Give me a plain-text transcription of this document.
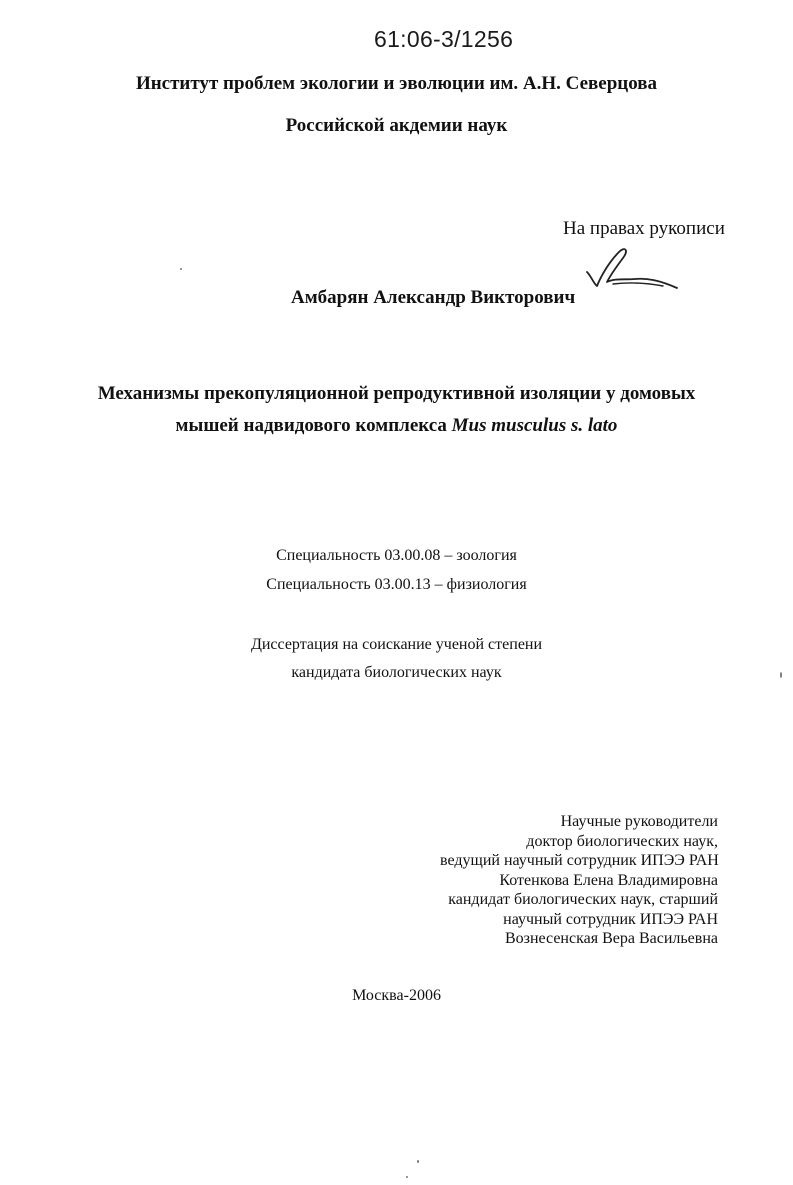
61:06-3/1256
Институт проблем экологии и эволюции им. А.Н. Северцова
Российской акдемии наук
На правах рукописи
Амбарян Александр Викторович
Механизмы прекопуляционной репродуктивной изоляции у домовых
мышей надвидового комплекса Mus musculus s. lato
Специальность 03.00.08 – зоология
Специальность 03.00.13 – физиология
Диссертация на соискание ученой степени
кандидата биологических наук
Научные руководители
доктор биологических наук,
ведущий научный сотрудник ИПЭЭ РАН
Котенкова Елена Владимировна
кандидат биологических наук, старший
научный сотрудник ИПЭЭ РАН
Вознесенская Вера Васильевна
Москва-2006
